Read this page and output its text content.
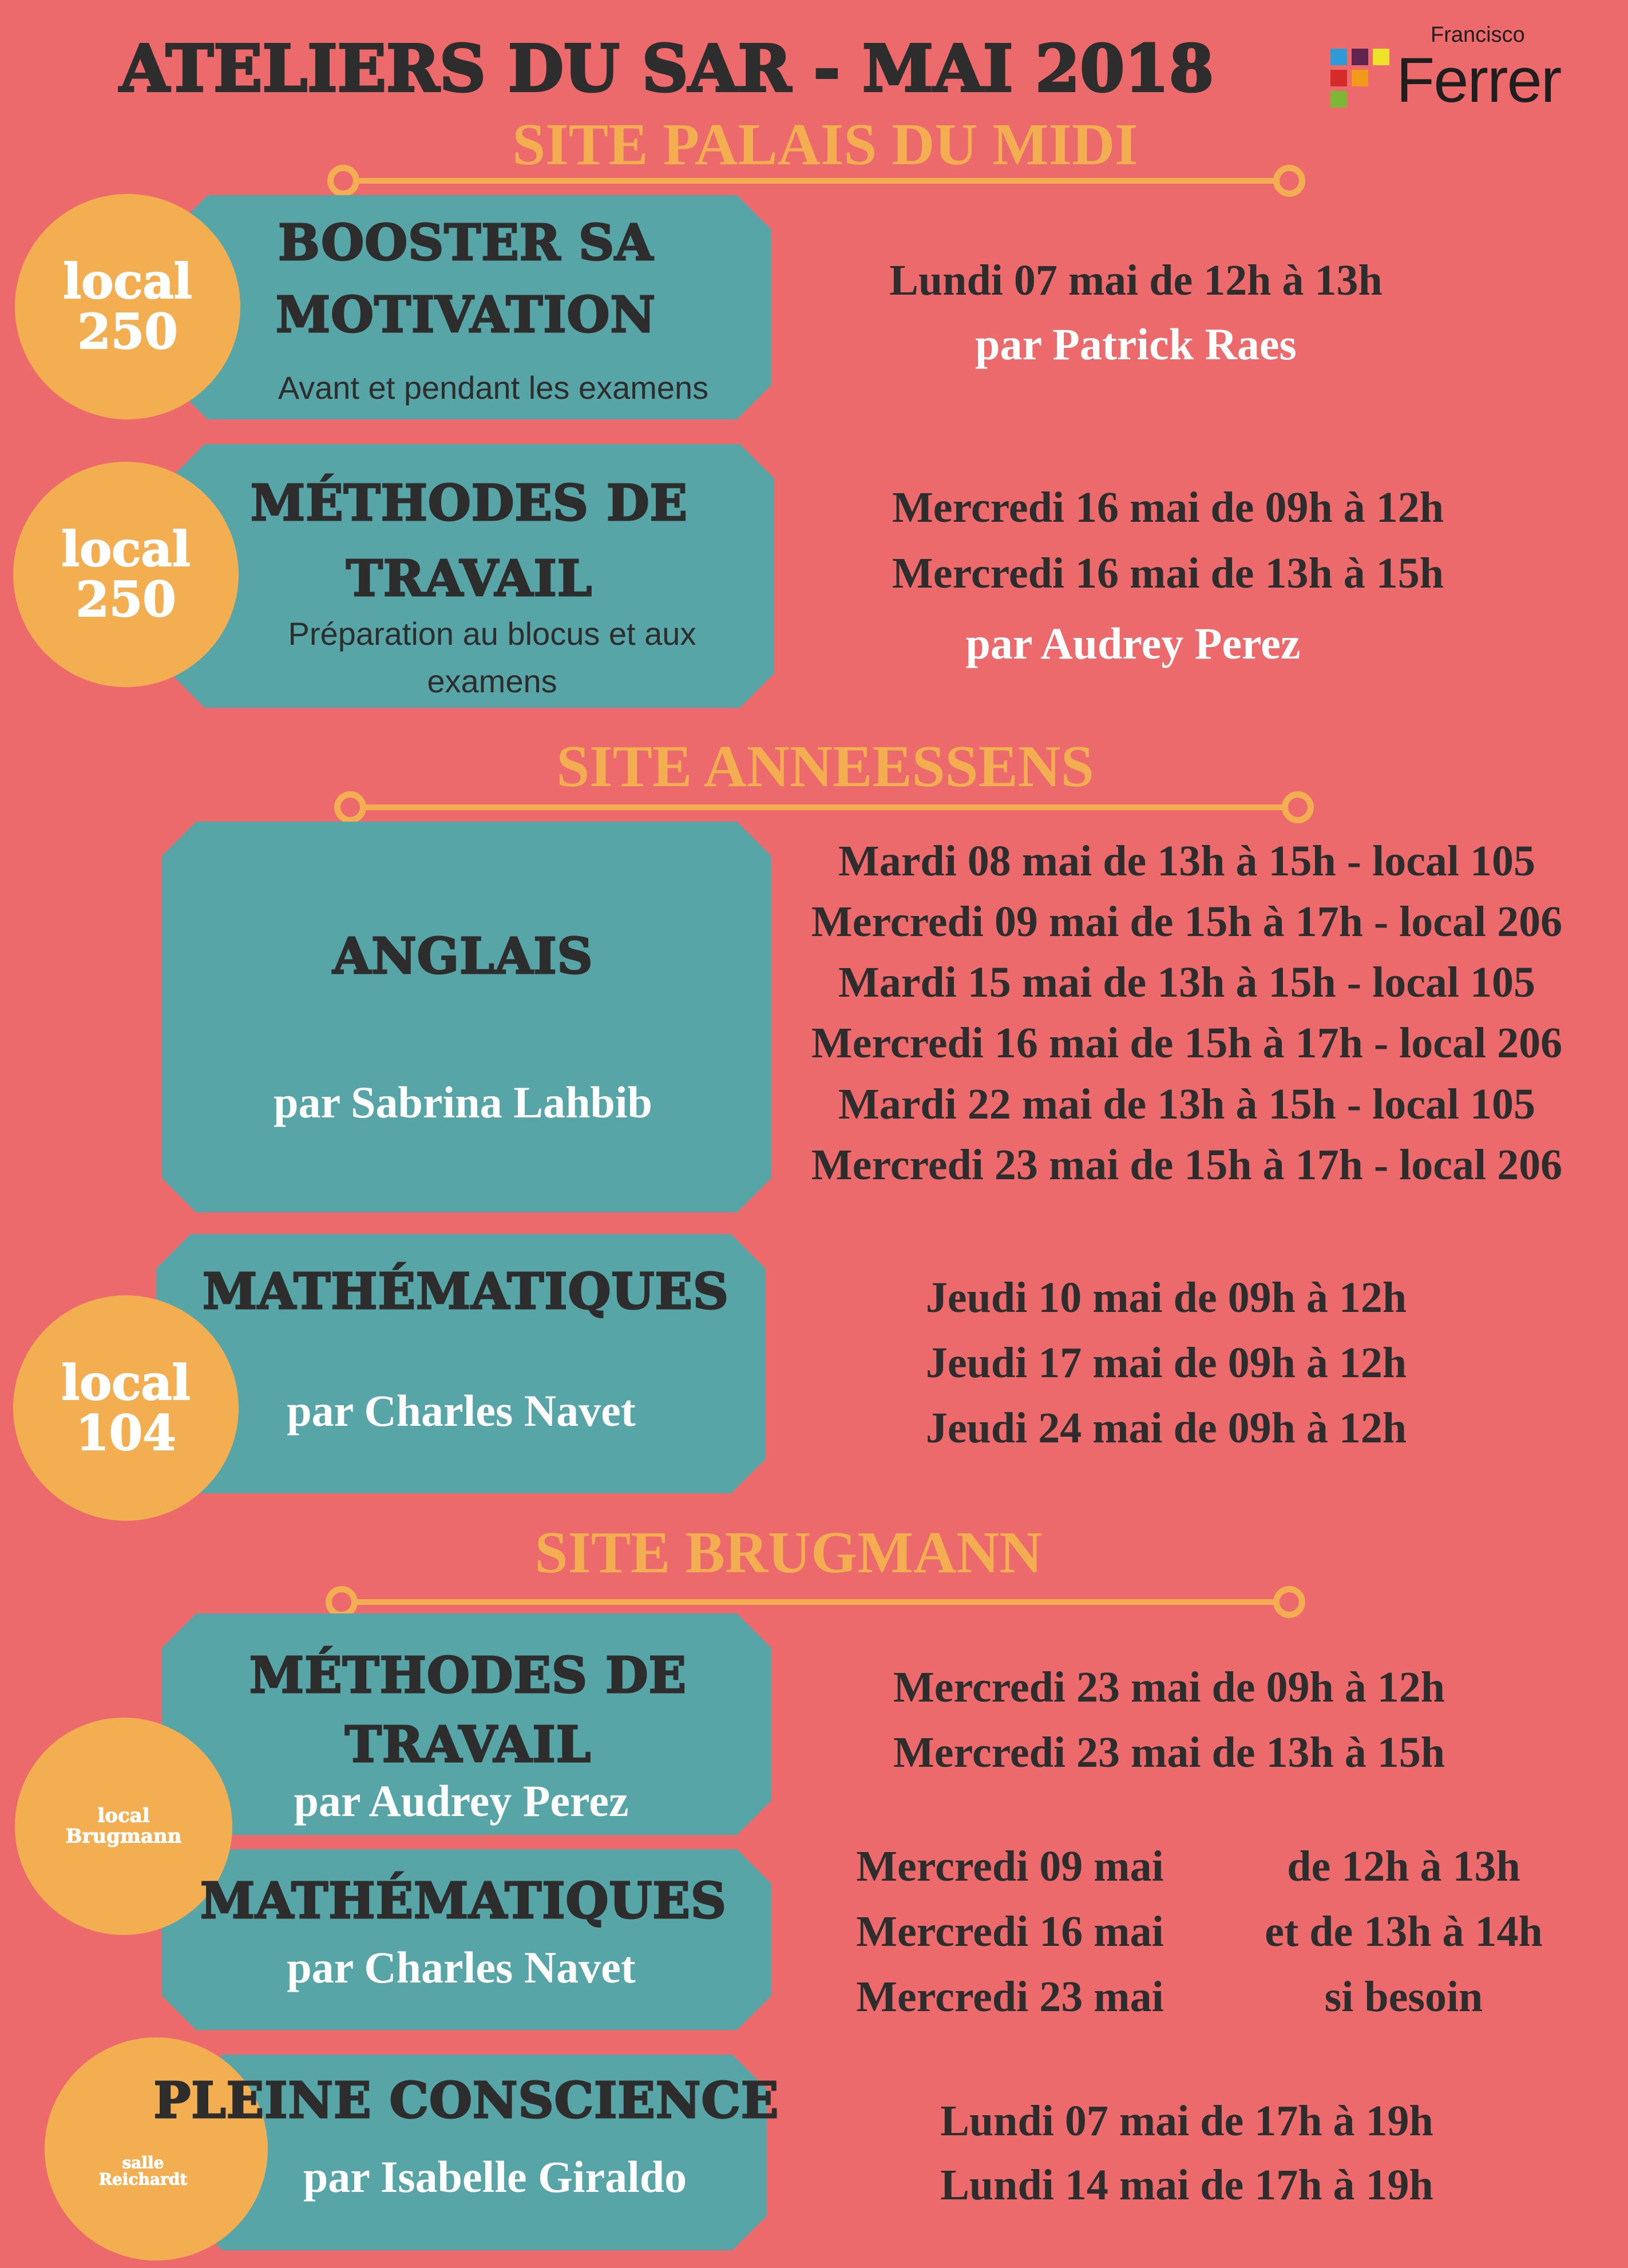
ATELIERS DU SAR - MAI 2018	Francisco
Ferrer
SITE PALAIS DU MIDI
local
250
BOOSTER SA
MOTIVATION
Avant et pendant les examens
Lundi 07 mai de 12h à 13h
par Patrick Raes
local
250
MÉTHODES DE
TRAVAIL
Préparation au blocus et aux
examens
Mercredi 16 mai de 09h à 12h
Mercredi 16 mai de 13h à 15h
par Audrey Perez
SITE ANNEESSENS
ANGLAIS
par Sabrina Lahbib
Mardi 08 mai de 13h à 15h - local 105
Mercredi 09 mai de 15h à 17h - local 206
Mardi 15 mai de 13h à 15h - local 105
Mercredi 16 mai de 15h à 17h - local 206
Mardi 22 mai de 13h à 15h - local 105
Mercredi 23 mai de 15h à 17h - local 206
local
104
MATHÉMATIQUES
par Charles Navet
Jeudi 10 mai de 09h à 12h
Jeudi 17 mai de 09h à 12h
Jeudi 24 mai de 09h à 12h
SITE BRUGMANN
local
Brugmann
MÉTHODES DE
TRAVAIL
par Audrey Perez
Mercredi 23 mai de 09h à 12h
Mercredi 23 mai de 13h à 15h
MATHÉMATIQUES
par Charles Navet
Mercredi 09 mai
Mercredi 16 mai
Mercredi 23 mai
de 12h à 13h
et de 13h à 14h
si besoin
salle
Reichardt
PLEINE CONSCIENCE
par Isabelle Giraldo
Lundi 07 mai de 17h à 19h
Lundi 14 mai de 17h à 19h
